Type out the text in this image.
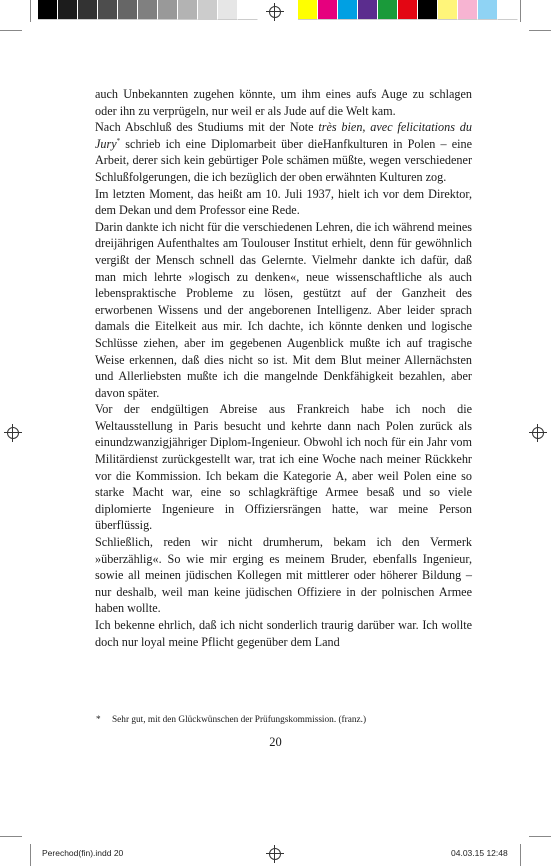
auch Unbekannten zugehen könnte, um ihm eines aufs Auge zu schlagen oder ihn zu verprügeln, nur weil er als Jude auf die Welt kam.

Nach Abschluß des Studiums mit der Note très bien, avec felicitations du Jury* schrieb ich eine Diplomarbeit über dieHanfkulturen in Polen – eine Arbeit, derer sich kein gebürtiger Pole schämen müßte, wegen verschiedener Schlußfolgerungen, die ich bezüglich der oben erwähnten Kulturen zog.

Im letzten Moment, das heißt am 10. Juli 1937, hielt ich vor dem Direktor, dem Dekan und dem Professor eine Rede.

Darin dankte ich nicht für die verschiedenen Lehren, die ich während meines dreijährigen Aufenthaltes am Toulouser Institut erhielt, denn für gewöhnlich vergißt der Mensch schnell das Gelernte. Vielmehr dankte ich dafür, daß man mich lehrte »logisch zu denken«, neue wissenschaftliche als auch lebenspraktische Probleme zu lösen, gestützt auf der Ganzheit des erworbenen Wissens und der angeborenen Intelligenz. Aber leider sprach damals die Eitelkeit aus mir. Ich dachte, ich könnte denken und logische Schlüsse ziehen, aber im gegebenen Augenblick mußte ich auf tragische Weise erkennen, daß dies nicht so ist. Mit dem Blut meiner Allernächsten und Allerliebsten mußte ich die mangelnde Denkfähigkeit bezahlen, aber davon später.

Vor der endgültigen Abreise aus Frankreich habe ich noch die Weltausstellung in Paris besucht und kehrte dann nach Polen zurück als einundzwanzigjähriger Diplom-Ingenieur. Obwohl ich noch für ein Jahr vom Militärdienst zurückgestellt war, trat ich eine Woche nach meiner Rückkehr vor die Kommission. Ich bekam die Kategorie A, aber weil Polen eine so starke Macht war, eine so schlagkräftige Armee besaß und so viele diplomierte Ingenieure in Offiziersrängen hatte, war meine Person überflüssig.

Schließlich, reden wir nicht drumherum, bekam ich den Vermerk »überzählig«. So wie mir erging es meinem Bruder, ebenfalls Ingenieur, sowie all meinen jüdischen Kollegen mit mittlerer oder höherer Bildung – nur deshalb, weil man keine jüdischen Offiziere in der polnischen Armee haben wollte.

Ich bekenne ehrlich, daß ich nicht sonderlich traurig darüber war. Ich wollte doch nur loyal meine Pflicht gegenüber dem Land

* Sehr gut, mit den Glückwünschen der Prüfungskommission. (franz.)
20
Perechod(fin).indd 20	04.03.15 12:48
